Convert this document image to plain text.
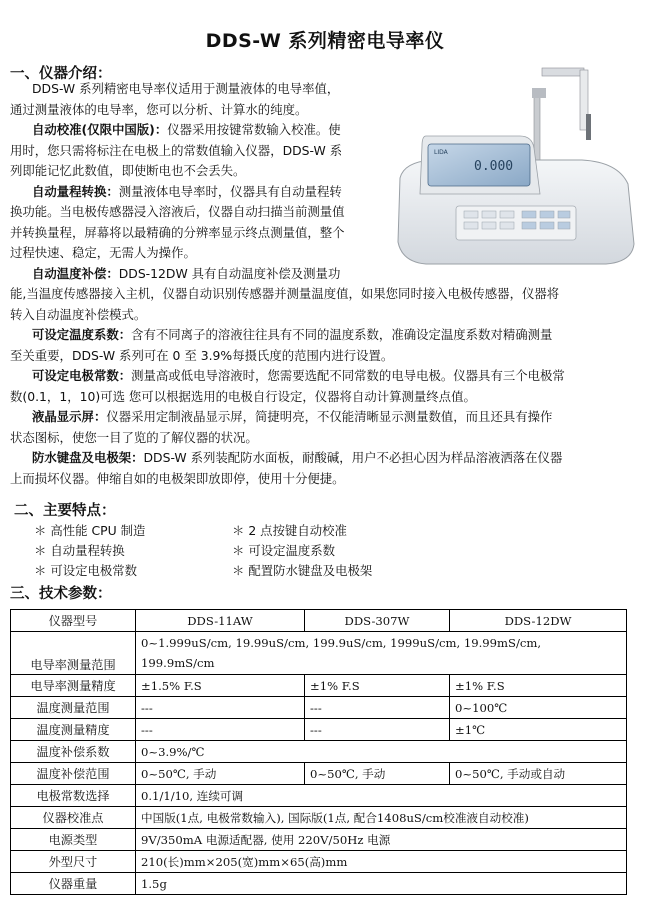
DDS-W 系列精密电导率仪
一、仪器介绍：
DDS-W 系列精密电导率仪适用于测量液体的电导率值，
通过测量液体的电导率，您可以分析、计算水的纯度。
自动校准(仅限中国版)：仪器采用按键常数输入校准。使
用时，您只需将标注在电极上的常数值输入仪器，DDS-W 系
列即能记忆此数值，即使断电也不会丢失。
自动量程转换：测量液体电导率时，仪器具有自动量程转
换功能。当电极传感器浸入溶液后，仪器自动扫描当前测量值
并转换量程，屏幕将以最精确的分辨率显示终点测量值，整个
过程快速、稳定，无需人为操作。
自动温度补偿：DDS-12DW 具有自动温度补偿及测量功
能,当温度传感器接入主机，仪器自动识别传感器并测量温度值，如果您同时接入电极传感器，仪器将
转入自动温度补偿模式。
可设定温度系数：含有不同离子的溶液往往具有不同的温度系数，准确设定温度系数对精确测量
至关重要，DDS-W 系列可在 0 至 3.9%每摄氏度的范围内进行设置。
可设定电极常数：测量高或低电导溶液时，您需要选配不同常数的电导电极。仪器具有三个电极常
数(0.1，1，10)可选 您可以根据选用的电极自行设定，仪器将自动计算测量终点值。
液晶显示屏：仪器采用定制液晶显示屏，简捷明亮，不仅能清晰显示测量数值，而且还具有操作
状态图标，使您一目了览的了解仪器的状况。
防水键盘及电极架：DDS-W 系列装配防水面板，耐酸碱，用户不必担心因为样品溶液洒落在仪器
上而损坏仪器。伸缩自如的电极架即放即停，使用十分便捷。
0.000
LIDA
二、主要特点：
＊ 高性能 CPU 制造	＊ 2 点按键自动校准
＊ 自动量程转换	＊ 可设定温度系数
＊ 可设定电极常数	＊ 配置防水键盘及电极架
三、技术参数：
仪器型号	DDS-11AW	DDS-307W	DDS-12DW
电导率测量范围	0~1.999uS/cm, 19.99uS/cm, 199.9uS/cm, 1999uS/cm, 19.99mS/cm,
199.9mS/cm		

电导率测量精度	±1.5% F.S	±1% F.S	±1% F.S
温度测量范围	---	---	0~100℃
温度测量精度	---	---	±1℃
温度补偿系数	0~3.9%/℃		
温度补偿范围	0~50℃, 手动	0~50℃, 手动	0~50℃, 手动或自动
电极常数选择	0.1/1/10, 连续可调		
仪器校准点	中国版(1点, 电极常数输入), 国际版(1点, 配合1408uS/cm校准液自动校准)		
电源类型	9V/350mA 电源适配器, 使用 220V/50Hz 电源		
外型尺寸	210(长)mm×205(宽)mm×65(高)mm		
仪器重量	1.5g		
